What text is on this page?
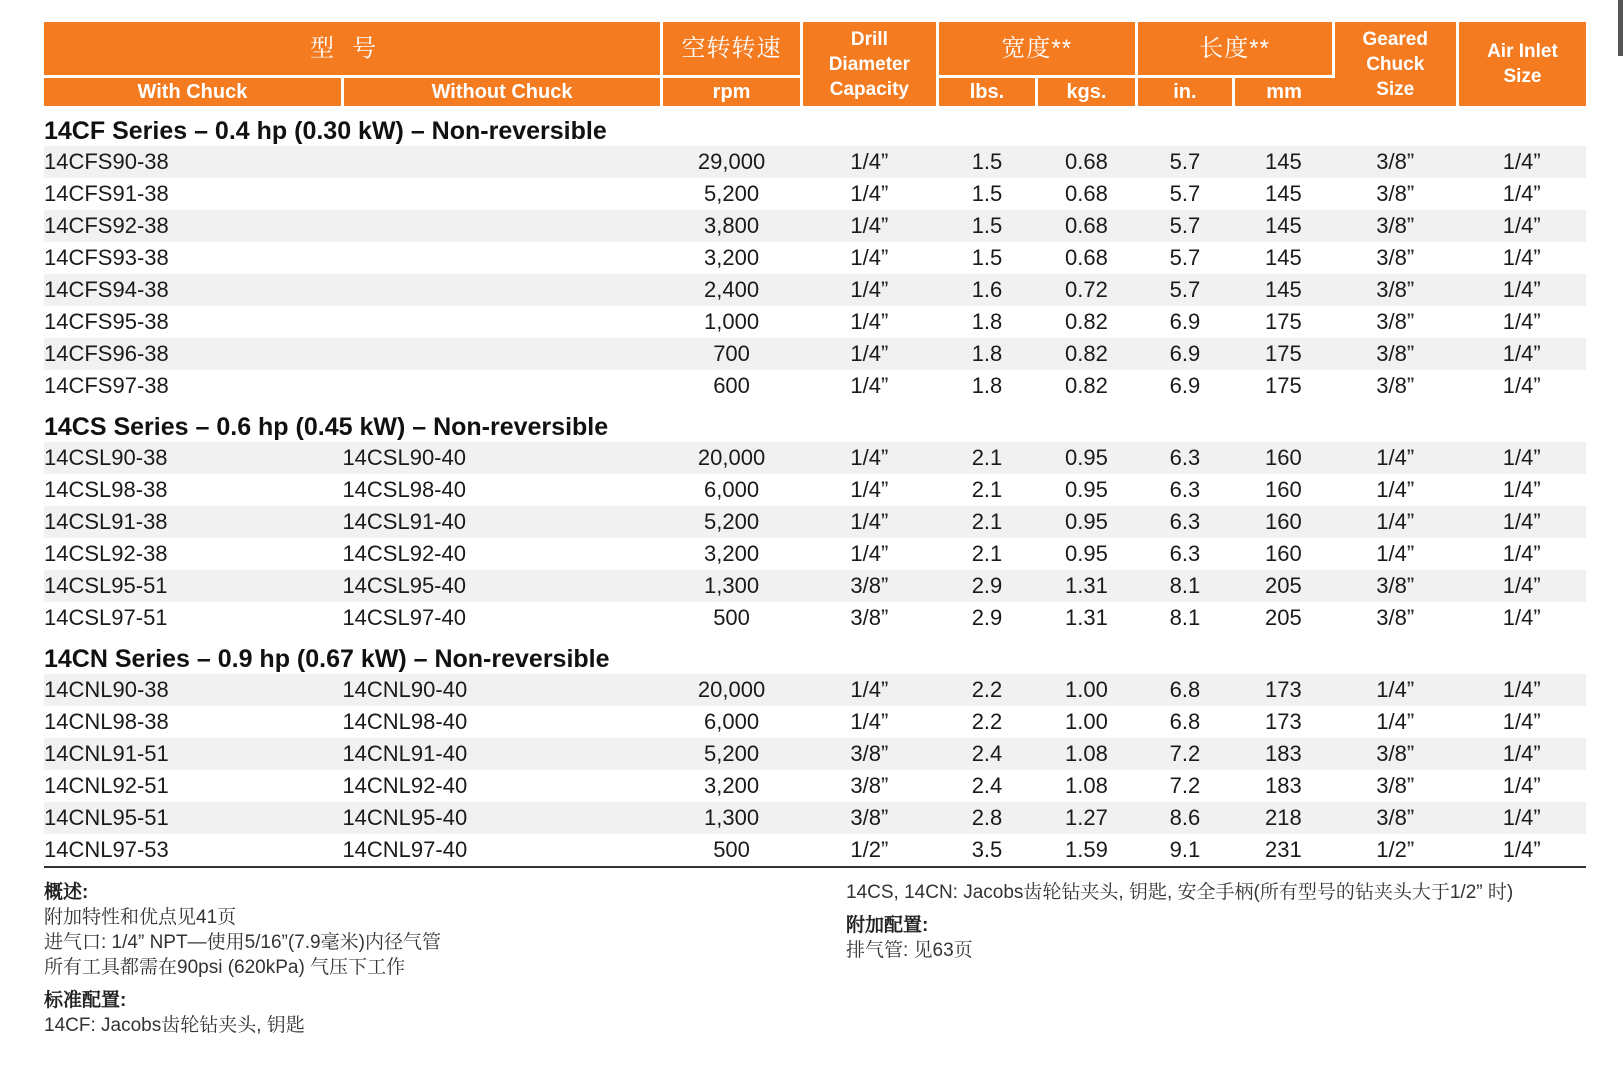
型号		空转转速	Drill Diameter Capacity	宽度**		长度**		Geared Chuck Size	Air Inlet Size

With Chuck	Without Chuck	rpm		lbs.	kgs.	in.	mm		
14CF Series – 0.4 hp (0.30 kW) – Non-reversible									
14CFS90-38		29,000	1/4”	1.5	0.68	5.7	145	3/8”	1/4”
14CFS91-38		5,200	1/4”	1.5	0.68	5.7	145	3/8”	1/4”
14CFS92-38		3,800	1/4”	1.5	0.68	5.7	145	3/8”	1/4”
14CFS93-38		3,200	1/4”	1.5	0.68	5.7	145	3/8”	1/4”
14CFS94-38		2,400	1/4”	1.6	0.72	5.7	145	3/8”	1/4”
14CFS95-38		1,000	1/4”	1.8	0.82	6.9	175	3/8”	1/4”
14CFS96-38		700	1/4”	1.8	0.82	6.9	175	3/8”	1/4”
14CFS97-38		600	1/4”	1.8	0.82	6.9	175	3/8”	1/4”
14CS Series – 0.6 hp (0.45 kW) – Non-reversible									
14CSL90-38	14CSL90-40	20,000	1/4”	2.1	0.95	6.3	160	1/4”	1/4”
14CSL98-38	14CSL98-40	6,000	1/4”	2.1	0.95	6.3	160	1/4”	1/4”
14CSL91-38	14CSL91-40	5,200	1/4”	2.1	0.95	6.3	160	1/4”	1/4”
14CSL92-38	14CSL92-40	3,200	1/4”	2.1	0.95	6.3	160	1/4”	1/4”
14CSL95-51	14CSL95-40	1,300	3/8”	2.9	1.31	8.1	205	3/8”	1/4”
14CSL97-51	14CSL97-40	500	3/8”	2.9	1.31	8.1	205	3/8”	1/4”
14CN Series – 0.9 hp (0.67 kW) – Non-reversible									
14CNL90-38	14CNL90-40	20,000	1/4”	2.2	1.00	6.8	173	1/4”	1/4”
14CNL98-38	14CNL98-40	6,000	1/4”	2.2	1.00	6.8	173	1/4”	1/4”
14CNL91-51	14CNL91-40	5,200	3/8”	2.4	1.08	7.2	183	3/8”	1/4”
14CNL92-51	14CNL92-40	3,200	3/8”	2.4	1.08	7.2	183	3/8”	1/4”
14CNL95-51	14CNL95-40	1,300	3/8”	2.8	1.27	8.6	218	3/8”	1/4”
14CNL97-53	14CNL97-40	500	1/2”	3.5	1.59	9.1	231	1/2”	1/4”
概述:
附加特性和优点见41页
进气口: 1/4” NPT—使用5/16”(7.9毫米)内径气管
所有工具都需在90psi (620kPa) 气压下工作
标准配置:
14CF: Jacobs齿轮钻夹头, 钥匙
14CS, 14CN: Jacobs齿轮钻夹头, 钥匙, 安全手柄(所有型号的钻夹头大于1/2” 时)
附加配置:
排气管: 见63页
